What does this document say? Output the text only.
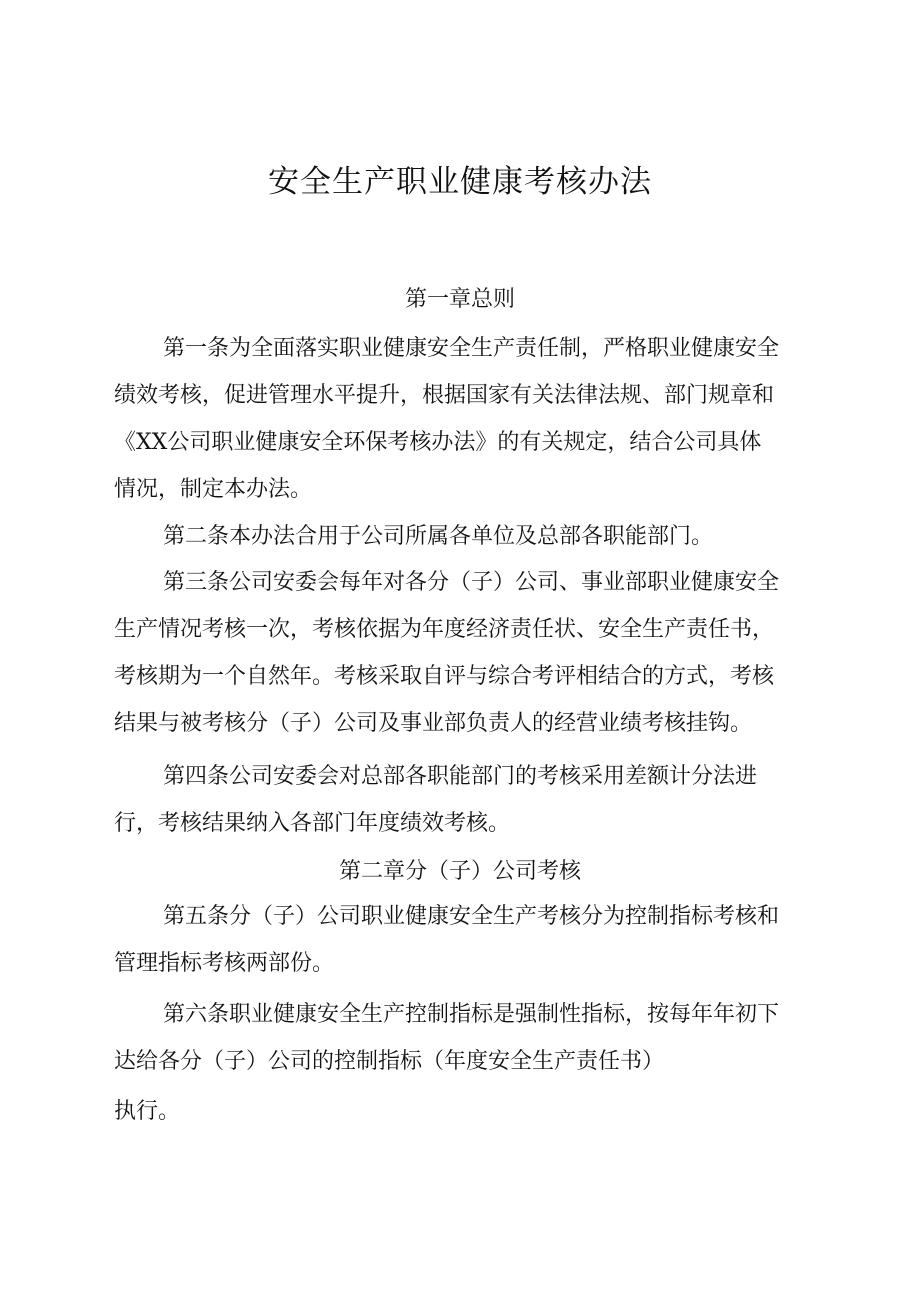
安全生产职业健康考核办法
第一章总则
第一条为全面落实职业健康安全生产责任制，严格职业健康安全
绩效考核，促进管理水平提升，根据国家有关法律法规、部门规章和
《XX公司职业健康安全环保考核办法》的有关规定，结合公司具体
情况，制定本办法。
第二条本办法合用于公司所属各单位及总部各职能部门。
第三条公司安委会每年对各分（子）公司、事业部职业健康安全
生产情况考核一次，考核依据为年度经济责任状、安全生产责任书，
考核期为一个自然年。考核采取自评与综合考评相结合的方式，考核
结果与被考核分（子）公司及事业部负责人的经营业绩考核挂钩。
第四条公司安委会对总部各职能部门的考核采用差额计分法进
行，考核结果纳入各部门年度绩效考核。
第二章分（子）公司考核
第五条分（子）公司职业健康安全生产考核分为控制指标考核和
管理指标考核两部份。
第六条职业健康安全生产控制指标是强制性指标，按每年年初下
达给各分（子）公司的控制指标（年度安全生产责任书）
执行。
